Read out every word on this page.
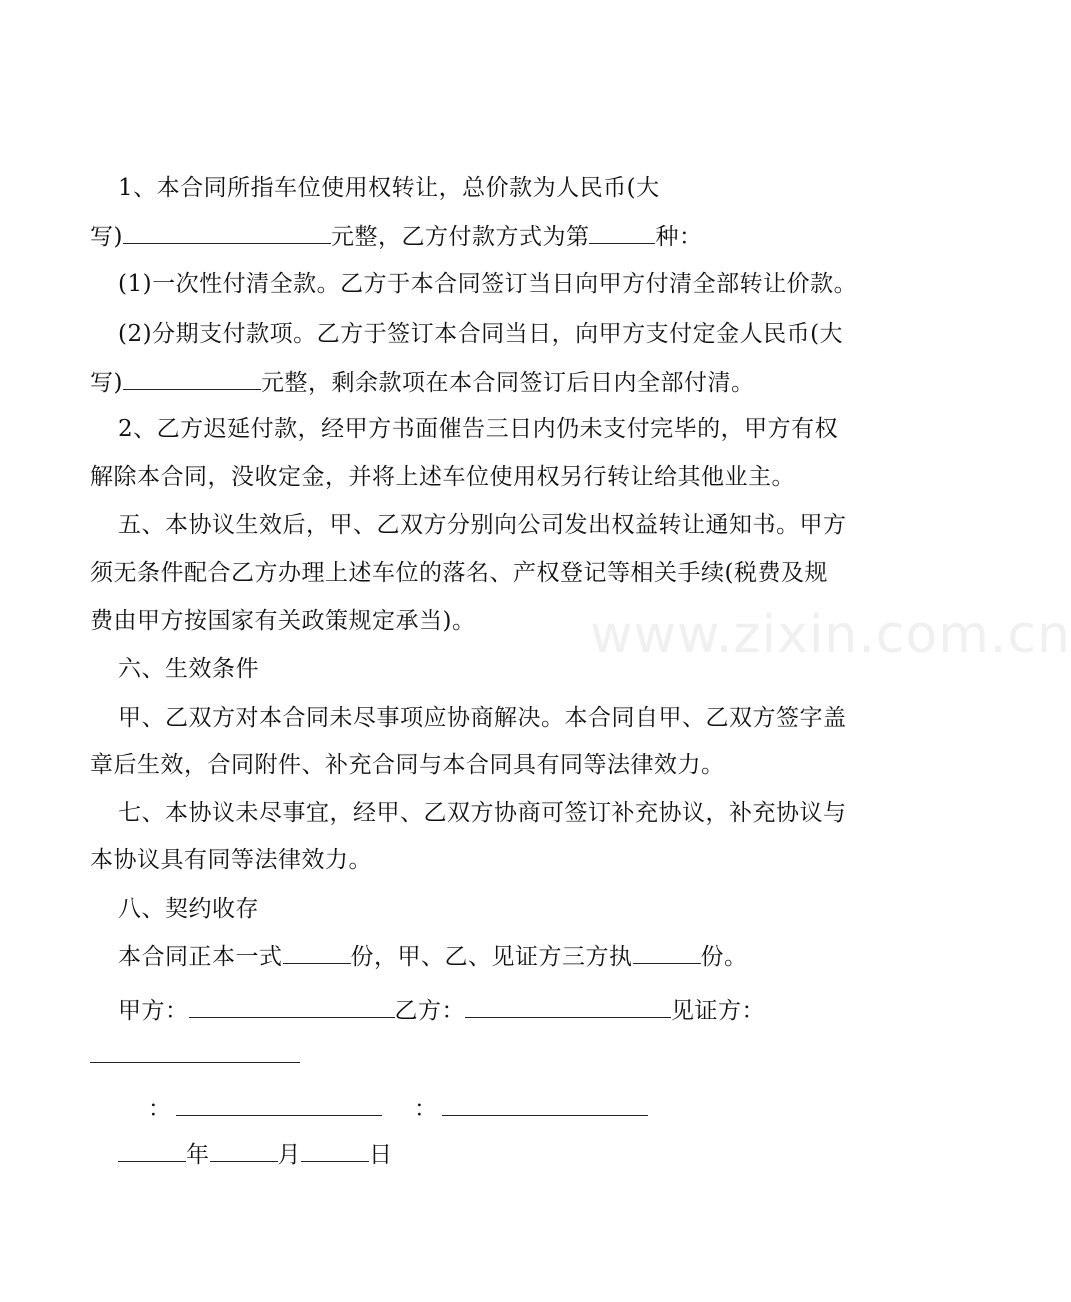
www.zixin.com.cn
1、本合同所指车位使用权转让，总价款为人民币(大
写)	元整，乙方付款方式为第	种：
(1)一次性付清全款。乙方于本合同签订当日向甲方付清全部转让价款。
(2)分期支付款项。乙方于签订本合同当日，向甲方支付定金人民币(大
写)	元整，剩余款项在本合同签订后日内全部付清。
2、乙方迟延付款，经甲方书面催告三日内仍未支付完毕的，甲方有权
解除本合同，没收定金，并将上述车位使用权另行转让给其他业主。
五、本协议生效后，甲、乙双方分别向公司发出权益转让通知书。甲方
须无条件配合乙方办理上述车位的落名、产权登记等相关手续(税费及规
费由甲方按国家有关政策规定承当)。
六、生效条件
甲、乙双方对本合同未尽事项应协商解决。本合同自甲、乙双方签字盖
章后生效，合同附件、补充合同与本合同具有同等法律效力。
七、本协议未尽事宜，经甲、乙双方协商可签订补充协议，补充协议与
本协议具有同等法律效力。
八、契约收存
本合同正本一式	份，甲、乙、见证方三方执	份。
甲方：	乙方：	见证方：
：	：
年	月	日
